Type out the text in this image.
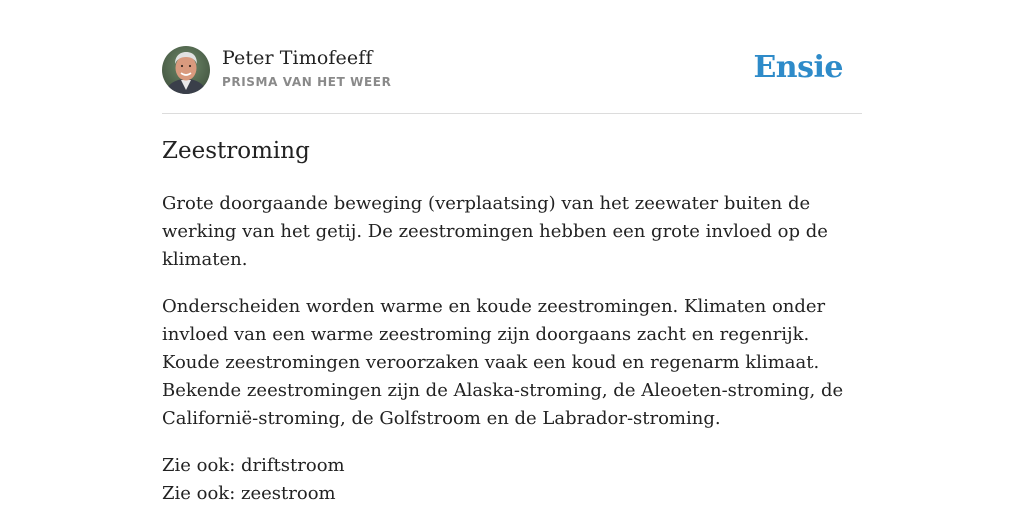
Peter Timofeeff
PRISMA VAN HET WEER	Ensie
Zeestroming

Grote doorgaande beweging (verplaatsing) van het zeewater buiten de werking van het getij. De zeestromingen hebben een grote invloed op de klimaten.

Onderscheiden worden warme en koude zeestromingen. Klimaten onder invloed van een warme zeestroming zijn doorgaans zacht en regenrijk. Koude zeestromingen veroorzaken vaak een koud en regenarm klimaat. Bekende zeestromingen zijn de Alaska-stroming, de Aleoeten-stroming, de Californië-stroming, de Golfstroom en de Labrador-stroming.

Zie ook: driftstroom
Zie ook: zeestroom
